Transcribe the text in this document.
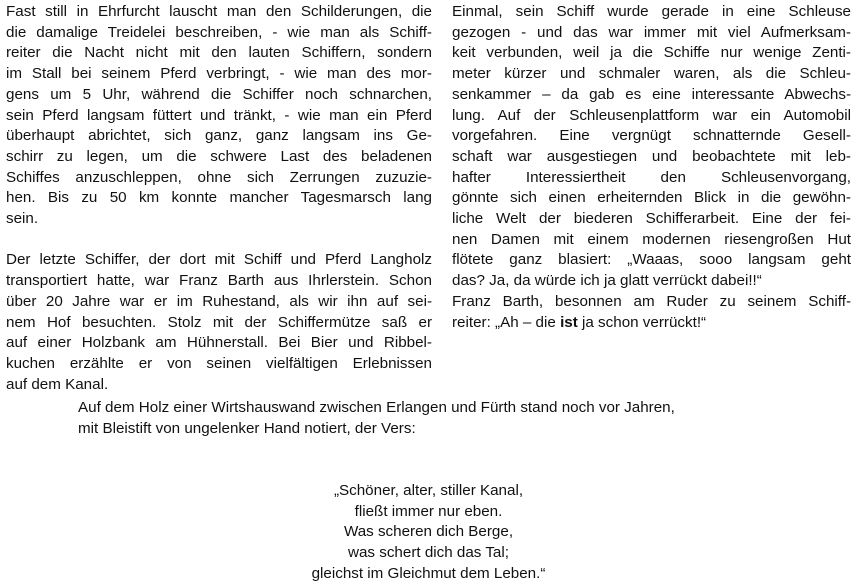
Fast still in Ehrfurcht lauscht man den Schilderungen, die
die damalige Treidelei beschreiben, - wie man als Schiff-
reiter die Nacht nicht mit den lauten Schiffern, sondern
im Stall bei seinem Pferd verbringt, - wie man des mor-
gens um 5 Uhr, während die Schiffer noch schnarchen,
sein Pferd langsam füttert und tränkt, - wie man ein Pferd
überhaupt abrichtet, sich ganz, ganz langsam ins Ge-
schirr zu legen, um die schwere Last des beladenen
Schiffes anzuschleppen, ohne sich Zerrungen zuzuzie-
hen. Bis zu 50 km konnte mancher Tagesmarsch lang
sein.
Der letzte Schiffer, der dort mit Schiff und Pferd Langholz
transportiert hatte, war Franz Barth aus Ihrlerstein. Schon
über 20 Jahre war er im Ruhestand, als wir ihn auf sei-
nem Hof besuchten. Stolz mit der Schiffermütze saß er
auf einer Holzbank am Hühnerstall. Bei Bier und Ribbel-
kuchen erzählte er von seinen vielfältigen Erlebnissen
auf dem Kanal.
Einmal, sein Schiff wurde gerade in eine Schleuse
gezogen - und das war immer mit viel Aufmerksam-
keit verbunden, weil ja die Schiffe nur wenige Zenti-
meter kürzer und schmaler waren, als die Schleu-
senkammer – da gab es eine interessante Abwechs-
lung. Auf der Schleusenplattform war ein Automobil
vorgefahren. Eine vergnügt schnatternde Gesell-
schaft war ausgestiegen und beobachtete mit leb-
hafter Interessiertheit den Schleusenvorgang,
gönnte sich einen erheiternden Blick in die gewöhn-
liche Welt der biederen Schifferarbeit. Eine der fei-
nen Damen mit einem modernen riesengroßen Hut
flötete ganz blasiert: „Waaas, sooo langsam geht
das? Ja, da würde ich ja glatt verrückt dabei!!“
Franz Barth, besonnen am Ruder zu seinem Schiff-
reiter: „Ah – die ist ja schon verrückt!“
Auf dem Holz einer Wirtshauswand zwischen Erlangen und Fürth stand noch vor Jahren,
mit Bleistift von ungelenker Hand notiert, der Vers:
„Schöner, alter, stiller Kanal,
fließt immer nur eben.
Was scheren dich Berge,
was schert dich das Tal;
gleichst im Gleichmut dem Leben.“
